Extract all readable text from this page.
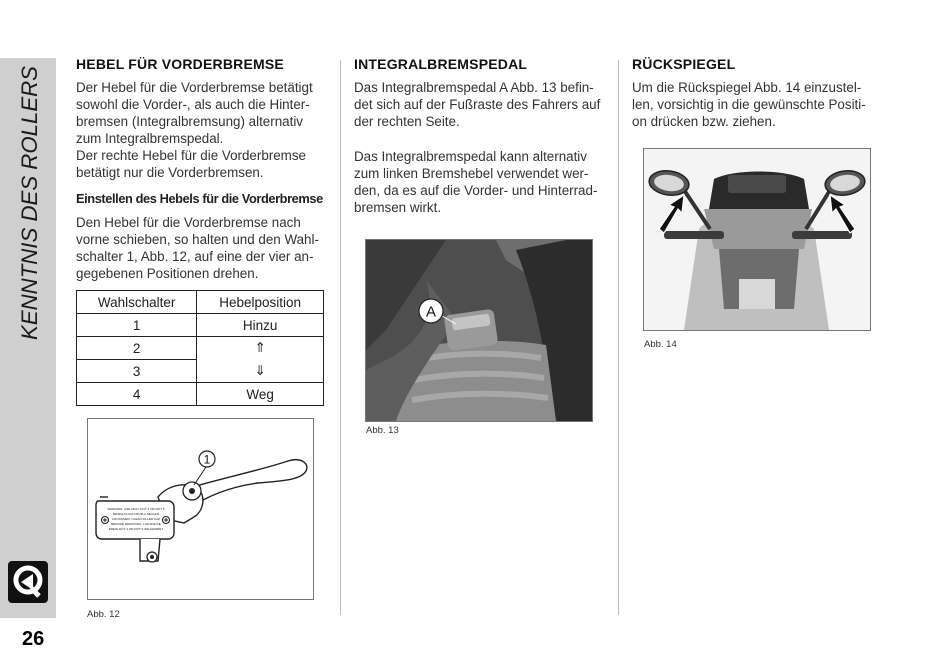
KENNTNIS DES ROLLERS
26
HEBEL FÜR VORDERBREMSE
Der Hebel für die Vorderbremse betätigt
sowohl die Vorder-, als auch die Hinter-
bremsen (Integralbremsung) alternativ
zum Integralbremspedal.
Der rechte Hebel für die Vorderbremse
betätigt nur die Vorderbremsen.
Einstellen des Hebels für die Vorderbremse
Den Hebel für die Vorderbremse nach
vorne schieben, so halten und den Wahl-
schalter 1, Abb. 12, auf eine der vier an-
gegebenen Positionen drehen.
Wahlschalter	Hebelposition
1	Hinzu
2	⇑
3	⇓
4	Weg
WARNING: USE ONLY DOT 4 OR DOT 5
BRAKE FLUID FROM A SEALED
CONTAINER. CLEAN FILLER CAP
BEFORE REMOVING. LIQUIDE DE
FREIN DOT 4 OR DOT 5 SEULEMENT
1
Abb. 12
INTEGRALBREMSPEDAL
Das Integralbremspedal A Abb. 13 befin-
det sich auf der Fußraste des Fahrers auf
der rechten Seite.
Das Integralbremspedal kann alternativ
zum linken Bremshebel verwendet wer-
den, da es auf die Vorder- und Hinterrad-
bremsen wirkt.
A
Abb. 13
RÜCKSPIEGEL
Um die Rückspiegel Abb. 14 einzustel-
len, vorsichtig in die gewünschte Positi-
on drücken bzw. ziehen.
Abb. 14
